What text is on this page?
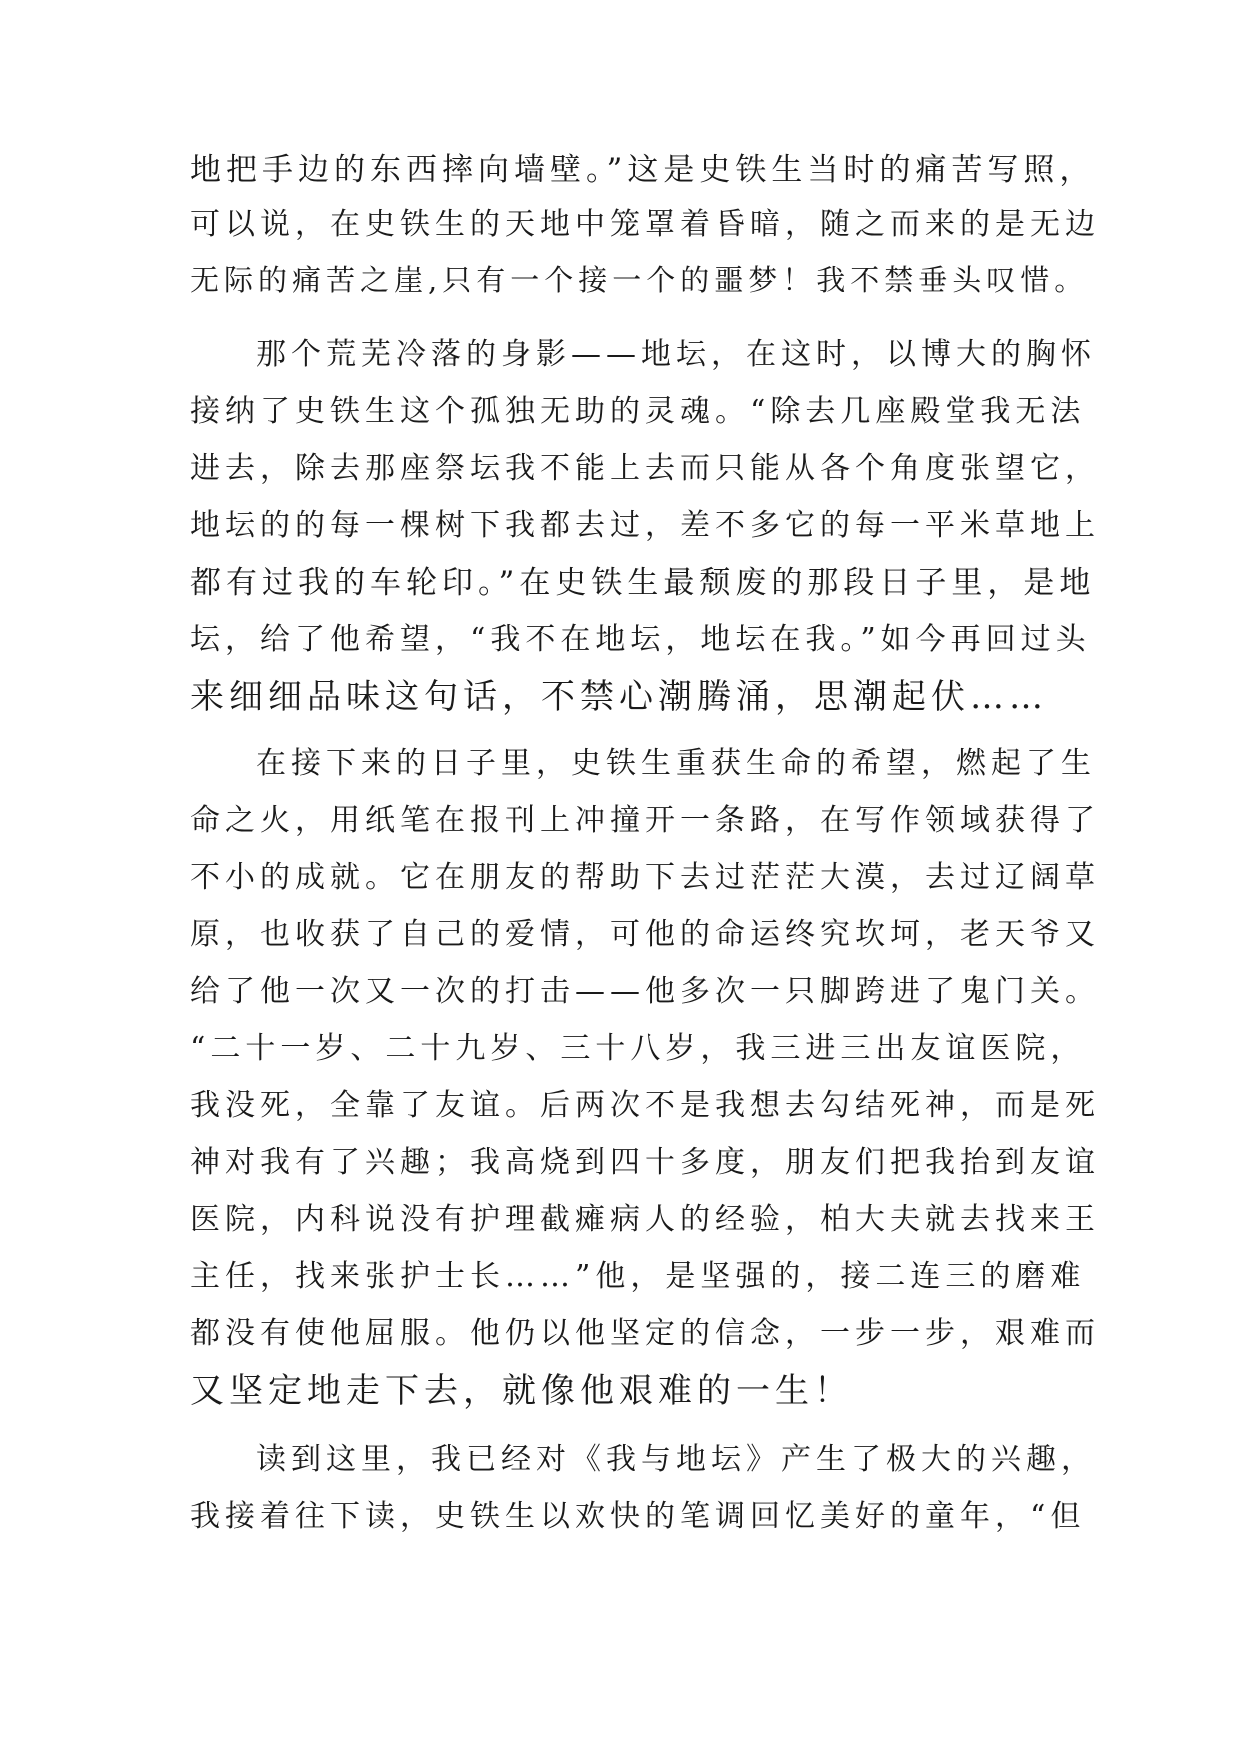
地把手边的东西摔向墙壁。”这是史铁生当时的痛苦写照，
可以说，在史铁生的天地中笼罩着昏暗，随之而来的是无边
无际的痛苦之崖,只有一个接一个的噩梦！我不禁垂头叹惜。
那个荒芜冷落的身影——地坛，在这时，以博大的胸怀
接纳了史铁生这个孤独无助的灵魂。“除去几座殿堂我无法
进去，除去那座祭坛我不能上去而只能从各个角度张望它，
地坛的的每一棵树下我都去过，差不多它的每一平米草地上
都有过我的车轮印。”在史铁生最颓废的那段日子里，是地
坛，给了他希望，“我不在地坛，地坛在我。”如今再回过头
来细细品味这句话，不禁心潮腾涌，思潮起伏……
在接下来的日子里，史铁生重获生命的希望，燃起了生
命之火，用纸笔在报刊上冲撞开一条路，在写作领域获得了
不小的成就。它在朋友的帮助下去过茫茫大漠，去过辽阔草
原，也收获了自己的爱情，可他的命运终究坎坷，老天爷又
给了他一次又一次的打击——他多次一只脚跨进了鬼门关。
“二十一岁、二十九岁、三十八岁，我三进三出友谊医院，
我没死，全靠了友谊。后两次不是我想去勾结死神，而是死
神对我有了兴趣；我高烧到四十多度，朋友们把我抬到友谊
医院，内科说没有护理截瘫病人的经验，柏大夫就去找来王
主任，找来张护士长……”他，是坚强的，接二连三的磨难
都没有使他屈服。他仍以他坚定的信念，一步一步，艰难而
又坚定地走下去，就像他艰难的一生！
读到这里，我已经对《我与地坛》产生了极大的兴趣，
我接着往下读，史铁生以欢快的笔调回忆美好的童年，“但
